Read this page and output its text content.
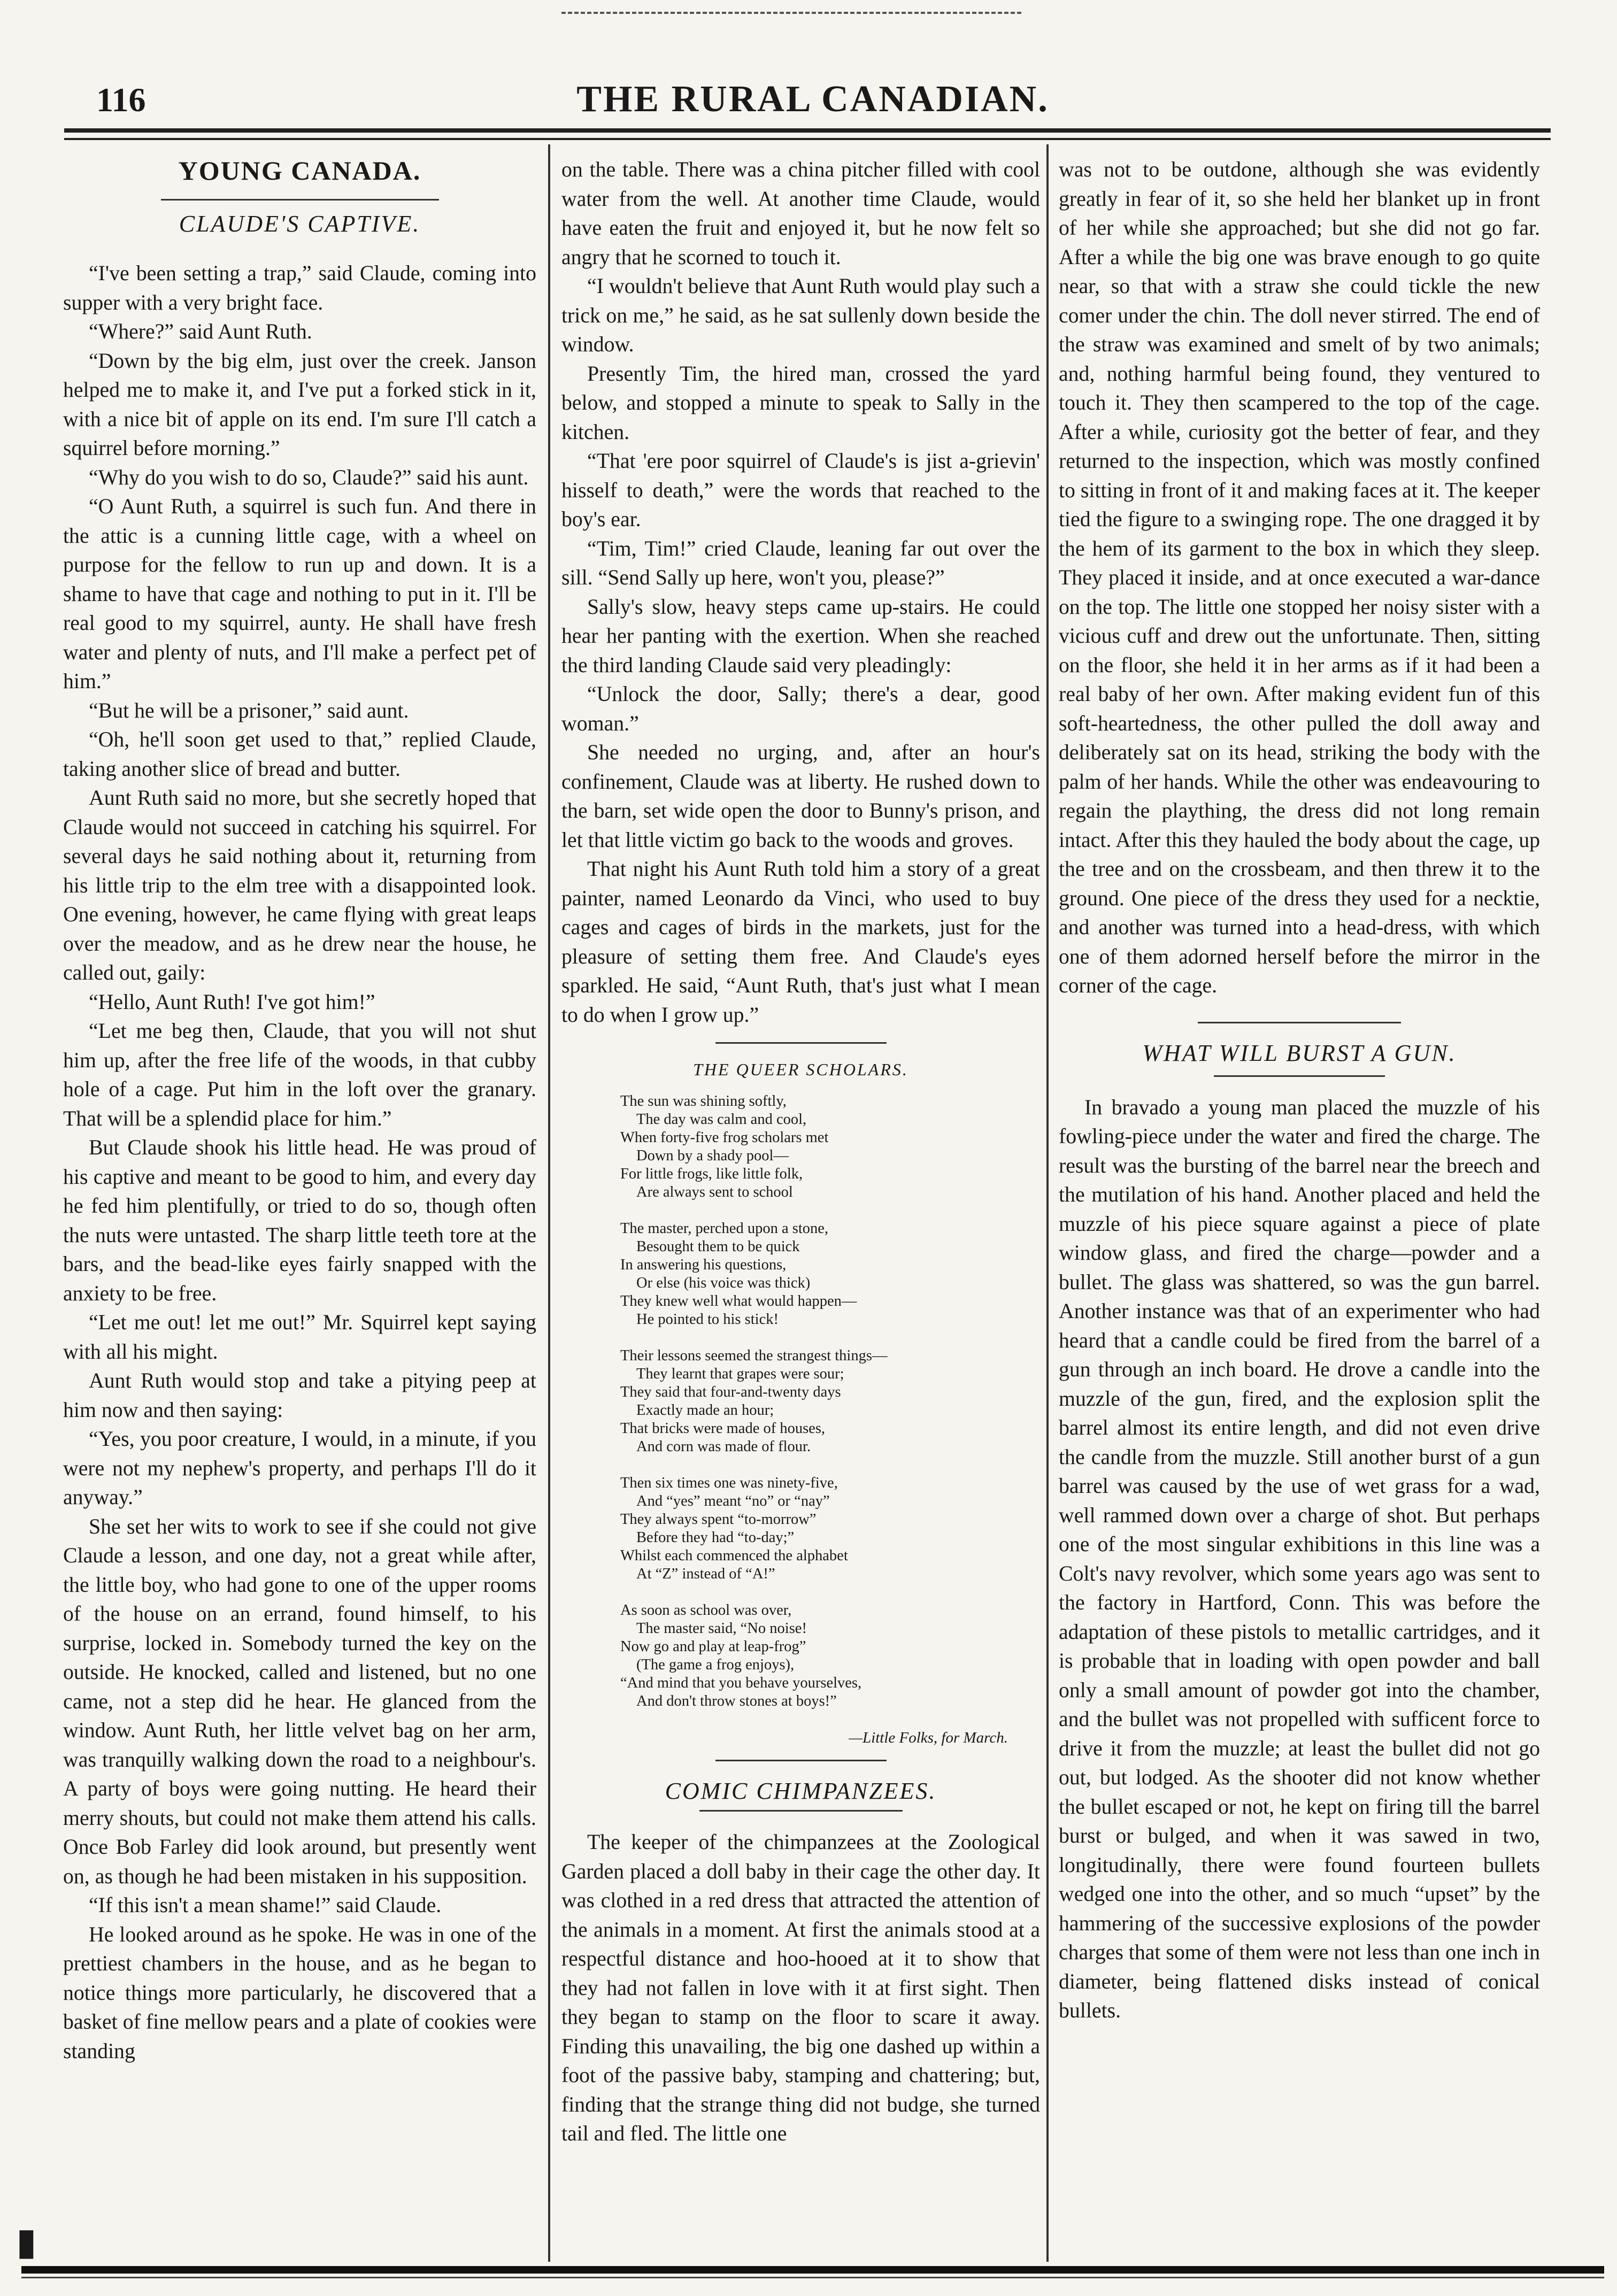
116	THE RURAL CANADIAN.
YOUNG CANADA.
CLAUDE'S CAPTIVE.

“I've been setting a trap,” said Claude, coming into supper with a very bright face.

“Where?” said Aunt Ruth.

“Down by the big elm, just over the creek. Janson helped me to make it, and I've put a forked stick in it, with a nice bit of apple on its end. I'm sure I'll catch a squirrel before morning.”

“Why do you wish to do so, Claude?” said his aunt.

“O Aunt Ruth, a squirrel is such fun. And there in the attic is a cunning little cage, with a wheel on purpose for the fellow to run up and down. It is a shame to have that cage and nothing to put in it. I'll be real good to my squirrel, aunty. He shall have fresh water and plenty of nuts, and I'll make a perfect pet of him.”

“But he will be a prisoner,” said aunt.

“Oh, he'll soon get used to that,” replied Claude, taking another slice of bread and butter.

Aunt Ruth said no more, but she secretly hoped that Claude would not succeed in catching his squirrel. For several days he said nothing about it, returning from his little trip to the elm tree with a disappointed look. One evening, however, he came flying with great leaps over the meadow, and as he drew near the house, he called out, gaily:

“Hello, Aunt Ruth! I've got him!”

“Let me beg then, Claude, that you will not shut him up, after the free life of the woods, in that cubby hole of a cage. Put him in the loft over the granary. That will be a splendid place for him.”

But Claude shook his little head. He was proud of his captive and meant to be good to him, and every day he fed him plentifully, or tried to do so, though often the nuts were untasted. The sharp little teeth tore at the bars, and the bead-like eyes fairly snapped with the anxiety to be free.

“Let me out! let me out!” Mr. Squirrel kept saying with all his might.

Aunt Ruth would stop and take a pitying peep at him now and then saying:

“Yes, you poor creature, I would, in a minute, if you were not my nephew's property, and perhaps I'll do it anyway.”

She set her wits to work to see if she could not give Claude a lesson, and one day, not a great while after, the little boy, who had gone to one of the upper rooms of the house on an errand, found himself, to his surprise, locked in. Somebody turned the key on the outside. He knocked, called and listened, but no one came, not a step did he hear. He glanced from the window. Aunt Ruth, her little velvet bag on her arm, was tranquilly walking down the road to a neighbour's. A party of boys were going nutting. He heard their merry shouts, but could not make them attend his calls. Once Bob Farley did look around, but presently went on, as though he had been mistaken in his supposition.

“If this isn't a mean shame!” said Claude.

He looked around as he spoke. He was in one of the prettiest chambers in the house, and as he began to notice things more particularly, he discovered that a basket of fine mellow pears and a plate of cookies were standing

on the table. There was a china pitcher filled with cool water from the well. At another time Claude, would have eaten the fruit and enjoyed it, but he now felt so angry that he scorned to touch it.

“I wouldn't believe that Aunt Ruth would play such a trick on me,” he said, as he sat sullenly down beside the window.

Presently Tim, the hired man, crossed the yard below, and stopped a minute to speak to Sally in the kitchen.

“That 'ere poor squirrel of Claude's is jist a-grievin' hisself to death,” were the words that reached to the boy's ear.

“Tim, Tim!” cried Claude, leaning far out over the sill. “Send Sally up here, won't you, please?”

Sally's slow, heavy steps came up-stairs. He could hear her panting with the exertion. When she reached the third landing Claude said very pleadingly:

“Unlock the door, Sally; there's a dear, good woman.”

She needed no urging, and, after an hour's confinement, Claude was at liberty. He rushed down to the barn, set wide open the door to Bunny's prison, and let that little victim go back to the woods and groves.

That night his Aunt Ruth told him a story of a great painter, named Leonardo da Vinci, who used to buy cages and cages of birds in the markets, just for the pleasure of setting them free. And Claude's eyes sparkled. He said, “Aunt Ruth, that's just what I mean to do when I grow up.”

THE QUEER SCHOLARS.
The sun was shining softly,
The day was calm and cool,
When forty-five frog scholars met
Down by a shady pool—
For little frogs, like little folk,
Are always sent to school
The master, perched upon a stone,
Besought them to be quick
In answering his questions,
Or else (his voice was thick)
They knew well what would happen—
He pointed to his stick!
Their lessons seemed the strangest things—
They learnt that grapes were sour;
They said that four-and-twenty days
Exactly made an hour;
That bricks were made of houses,
And corn was made of flour.
Then six times one was ninety-five,
And “yes” meant “no” or “nay”
They always spent “to-morrow”
Before they had “to-day;”
Whilst each commenced the alphabet
At “Z” instead of “A!”
As soon as school was over,
The master said, “No noise!
Now go and play at leap-frog”
(The game a frog enjoys),
“And mind that you behave yourselves,
And don't throw stones at boys!”
—Little Folks, for March.
COMIC CHIMPANZEES.

The keeper of the chimpanzees at the Zoological Garden placed a doll baby in their cage the other day. It was clothed in a red dress that attracted the attention of the animals in a moment. At first the animals stood at a respectful distance and hoo-hooed at it to show that they had not fallen in love with it at first sight. Then they began to stamp on the floor to scare it away. Finding this unavailing, the big one dashed up within a foot of the passive baby, stamping and chattering; but, finding that the strange thing did not budge, she turned tail and fled. The little one

was not to be outdone, although she was evidently greatly in fear of it, so she held her blanket up in front of her while she approached; but she did not go far. After a while the big one was brave enough to go quite near, so that with a straw she could tickle the new comer under the chin. The doll never stirred. The end of the straw was examined and smelt of by two animals; and, nothing harmful being found, they ventured to touch it. They then scampered to the top of the cage. After a while, curiosity got the better of fear, and they returned to the inspection, which was mostly confined to sitting in front of it and making faces at it. The keeper tied the figure to a swinging rope. The one dragged it by the hem of its garment to the box in which they sleep. They placed it inside, and at once executed a war-dance on the top. The little one stopped her noisy sister with a vicious cuff and drew out the unfortunate. Then, sitting on the floor, she held it in her arms as if it had been a real baby of her own. After making evident fun of this soft-heartedness, the other pulled the doll away and deliberately sat on its head, striking the body with the palm of her hands. While the other was endeavouring to regain the plaything, the dress did not long remain intact. After this they hauled the body about the cage, up the tree and on the crossbeam, and then threw it to the ground. One piece of the dress they used for a necktie, and another was turned into a head-dress, with which one of them adorned herself before the mirror in the corner of the cage.

WHAT WILL BURST A GUN.

In bravado a young man placed the muzzle of his fowling-piece under the water and fired the charge. The result was the bursting of the barrel near the breech and the mutilation of his hand. Another placed and held the muzzle of his piece square against a piece of plate window glass, and fired the charge—powder and a bullet. The glass was shattered, so was the gun barrel. Another instance was that of an experimenter who had heard that a candle could be fired from the barrel of a gun through an inch board. He drove a candle into the muzzle of the gun, fired, and the explosion split the barrel almost its entire length, and did not even drive the candle from the muzzle. Still another burst of a gun barrel was caused by the use of wet grass for a wad, well rammed down over a charge of shot. But perhaps one of the most singular exhibitions in this line was a Colt's navy revolver, which some years ago was sent to the factory in Hartford, Conn. This was before the adaptation of these pistols to metallic cartridges, and it is probable that in loading with open powder and ball only a small amount of powder got into the chamber, and the bullet was not propelled with sufficent force to drive it from the muzzle; at least the bullet did not go out, but lodged. As the shooter did not know whether the bullet escaped or not, he kept on firing till the barrel burst or bulged, and when it was sawed in two, longitudinally, there were found fourteen bullets wedged one into the other, and so much “upset” by the hammering of the successive explosions of the powder charges that some of them were not less than one inch in diameter, being flattened disks instead of conical bullets.

▮
